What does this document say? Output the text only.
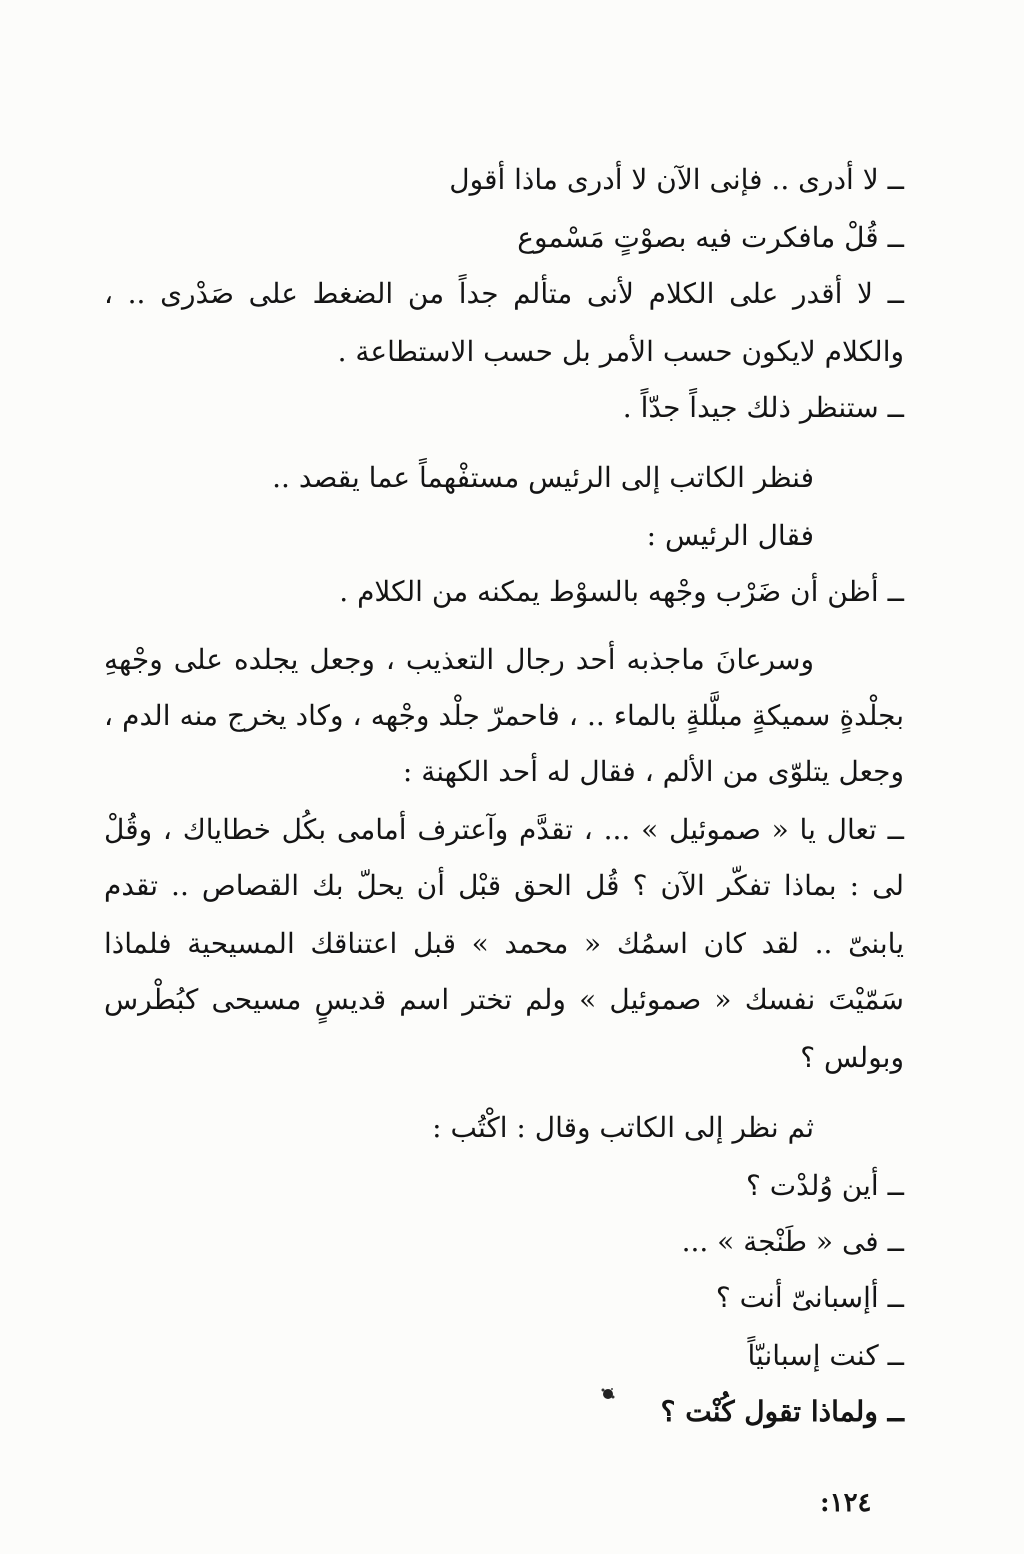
ــ لا أدرى .. فإنى الآن لا أدرى ماذا أقول
ــ قُلْ مافكرت فيه بصوْتٍ مَسْموع
ــ لا أقدر على الكلام لأنى متألم جداً من الضغط على صَدْرى .. ،
والكلام لايكون حسب الأمر بل حسب الاستطاعة .
ــ ستنظر ذلك جيداً جدّاً .
فنظر الكاتب إلى الرئيس مستفْهماً عما يقصد ..
فقال الرئيس :
ــ أظن أن ضَرْب وجْهه بالسوْط يمكنه من الكلام .
وسرعانَ ماجذبه أحد رجال التعذيب ، وجعل يجلده على وجْههِ
بجلْدةٍ سميكةٍ مبلَّلةٍ بالماء .. ، فاحمرّ جلْد وجْهه ، وكاد يخرج منه الدم ،
وجعل يتلوّى من الألم ، فقال له أحد الكهنة :
ــ تعال يا « صموئيل » ... ، تقدَّم وآعترف أمامى بكُل خطاياك ، وقُلْ
لى : بماذا تفكّر الآن ؟ قُل الحق قبْل أن يحلّ بك القصاص .. تقدم
يابنىّ .. لقد كان اسمُك « محمد » قبل اعتناقك المسيحية فلماذا
سَمّيْتَ نفسك « صموئيل » ولم تختر اسم قديسٍ مسيحى كبُطْرس
وبولس ؟
ثم نظر إلى الكاتب وقال : اكْتُب :
ــ أين وُلدْت ؟
ــ فى « طَنْجة » ...
ــ أإسبانىّ أنت ؟
ــ كنت إسبانيّاً
ــ ولماذا تقول كُنْت ؟
:١٢٤
